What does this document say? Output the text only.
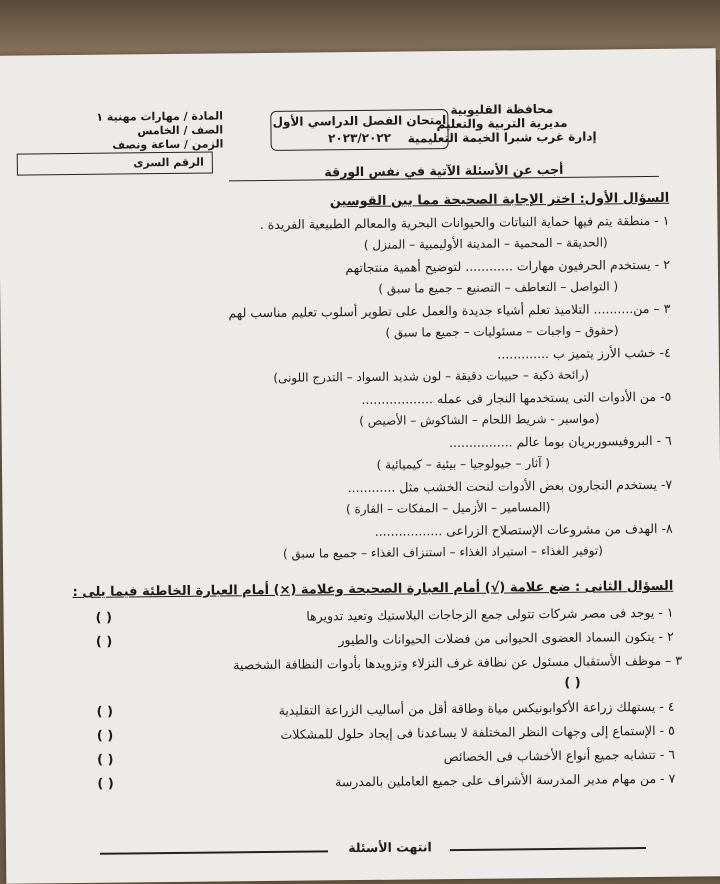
محافظة القليوبية
مديرية التربية والتعليم
إدارة غرب شبرا الخيمة التعليمية
امتحان الفصل الدراسي الأول
٢٠٢٣/٢٠٢٢
المادة / مهارات مهنية ١
الصف / الخامس
الزمن / ساعة ونصف
الرقم السرى	أجب عن الأسئلة الآتية في نفس الورقة
السؤال الأول: اختر الإجابة الصحيحة مما بين القوسين
١ - منطقة يتم فيها حماية النباتات والحيوانات البحرية والمعالم الطبيعية الفريدة .
(الحديقة – المحمية – المدينة الأوليمبية – المنزل )
٢ - يستخدم الحرفيون مهارات ............ لتوضيح أهمية منتجاتهم
( التواصل – التعاطف – التصنيع – جميع ما سبق )
٣ – من.......... التلاميذ تعلم أشياء جديدة والعمل على تطوير أسلوب تعليم مناسب لهم
(حقوق – واجبات – مسئوليات – جميع ما سبق )
٤- خشب الأرز يتميز ب .............
(رائحة ذكية – حبيبات دقيقة – لون شديد السواد – التدرج اللونى)
٥- من الأدوات التى يستخدمها النجار فى عمله ..................
(مواسير - شريط اللحام – الشاكوش – الأصيص )
٦ - البروفيسوربريان بوما عالم ................
( آثار – جيولوجيا – بيئية – كيميائية )
٧- يستخدم النجارون بعض الأدوات لنحت الخشب مثل ............
(المسامير – الأزميل – المفكات – الفارة )
٨- الهدف من مشروعات الإستصلاح الزراعى .................
(توفير الغذاء – استيراد الغذاء – استنزاف الغذاء – جميع ما سبق )
السؤال الثانى : ضع علامة (√) أمام العبارة الصحيحة وعلامة (×) أمام العبارة الخاطئة فيما يلى :
١ - يوجد فى مصر شركات تتولى جمع الزجاجات البلاستيك وتعيد تدويرها
( )
٢ - يتكون السماد العضوى الحيوانى من فضلات الحيوانات والطيور
( )
٣ – موظف الأستقبال مسئول عن نظافة غرف النزلاء وتزويدها بأدوات النظافة الشخصية
( )
٤ - يستهلك زراعة الأكوابونيكس مياة وطاقة أقل من أساليب الزراعة التقليدية
( )
٥ - الإستماع إلى وجهات النظر المختلفة لا يساعدنا فى إيجاد حلول للمشكلات
( )
٦ - تتشابه جميع أنواع الأخشاب فى الخصائص
( )
٧ - من مهام مدير المدرسة الأشراف على جميع العاملين بالمدرسة
( )
انتهت الأسئلة
